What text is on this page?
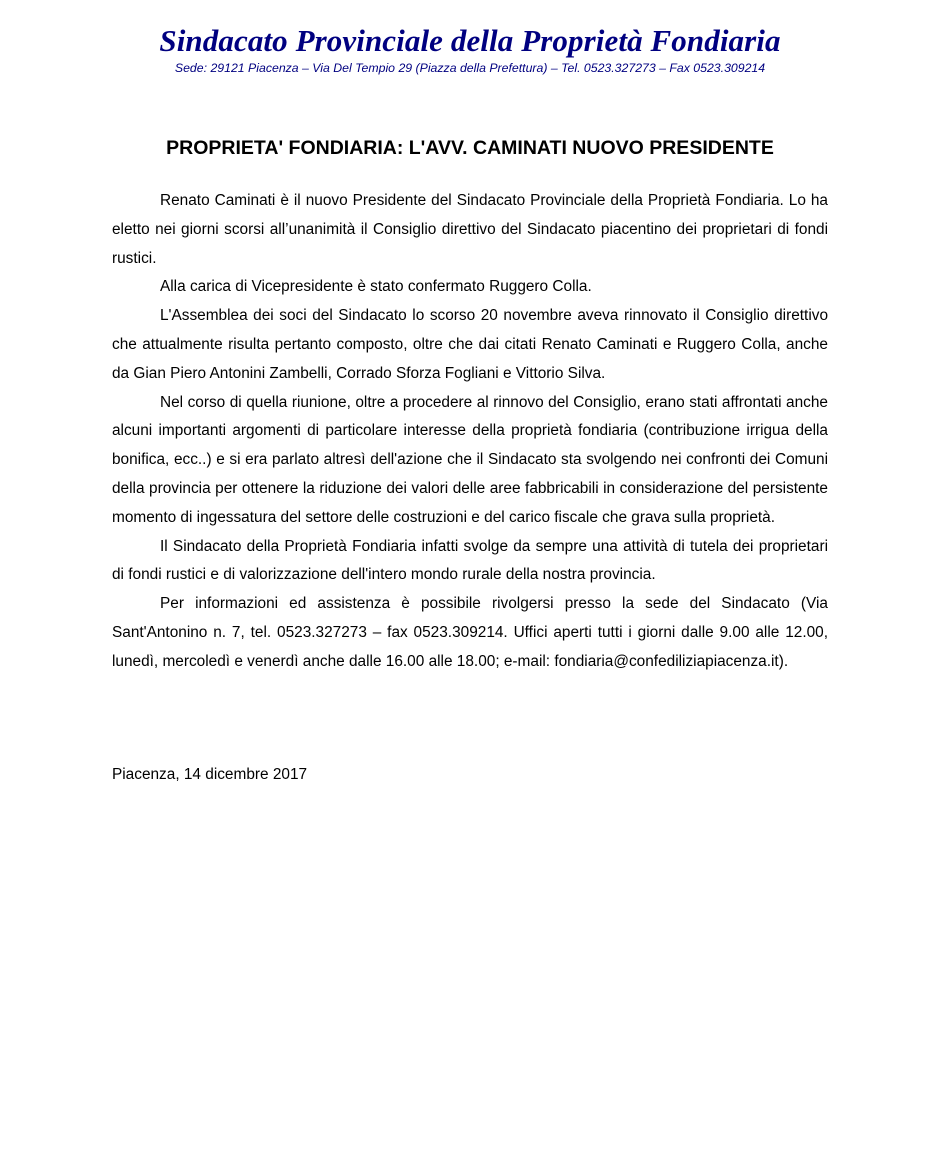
Sindacato Provinciale della Proprietà Fondiaria
Sede: 29121 Piacenza – Via Del Tempio 29 (Piazza della Prefettura) – Tel. 0523.327273 – Fax 0523.309214
PROPRIETA' FONDIARIA: L'AVV. CAMINATI NUOVO PRESIDENTE

Renato Caminati è il nuovo Presidente del Sindacato Provinciale della Proprietà Fondiaria. Lo ha eletto nei giorni scorsi all’unanimità il Consiglio direttivo del Sindacato piacentino dei proprietari di fondi rustici.

Alla carica di Vicepresidente è stato confermato Ruggero Colla.

L'Assemblea dei soci del Sindacato lo scorso 20 novembre aveva rinnovato il Consiglio direttivo che attualmente risulta pertanto composto, oltre che dai citati Renato Caminati e Ruggero Colla, anche da Gian Piero Antonini Zambelli, Corrado Sforza Fogliani e Vittorio Silva.

Nel corso di quella riunione, oltre a procedere al rinnovo del Consiglio, erano stati affrontati anche alcuni importanti argomenti di particolare interesse della proprietà fondiaria (contribuzione irrigua della bonifica, ecc..) e si era parlato altresì dell'azione che il Sindacato sta svolgendo nei confronti dei Comuni della provincia per ottenere la riduzione dei valori delle aree fabbricabili in considerazione del persistente momento di ingessatura del settore delle costruzioni e del carico fiscale che grava sulla proprietà.

Il Sindacato della Proprietà Fondiaria infatti svolge da sempre una attività di tutela dei proprietari di fondi rustici e di valorizzazione dell'intero mondo rurale della nostra provincia.

Per informazioni ed assistenza è possibile rivolgersi presso la sede del Sindacato (Via Sant'Antonino n. 7, tel. 0523.327273 – fax 0523.309214. Uffici aperti tutti i giorni dalle 9.00 alle 12.00, lunedì, mercoledì e venerdì anche dalle 16.00 alle 18.00; e-mail: fondiaria@confediliziapiacenza.it).

Piacenza, 14 dicembre 2017
